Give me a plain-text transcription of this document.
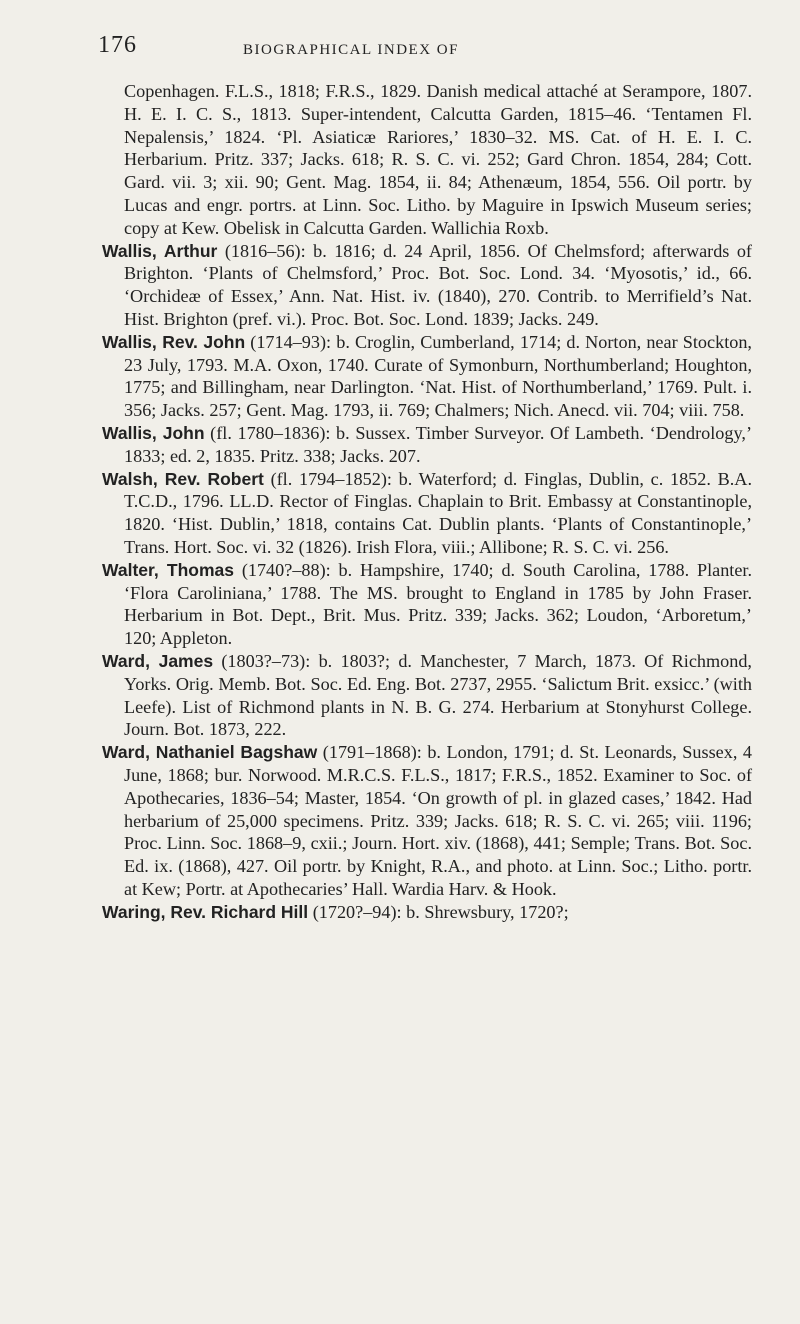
176	BIOGRAPHICAL INDEX OF

Copenhagen. F.L.S., 1818; F.R.S., 1829. Danish medical attaché at Serampore, 1807. H. E. I. C. S., 1813. Super-intendent, Calcutta Garden, 1815–46. ‘Tentamen Fl. Nepalensis,’ 1824. ‘Pl. Asiaticæ Rariores,’ 1830–32. MS. Cat. of H. E. I. C. Herbarium. Pritz. 337; Jacks. 618; R. S. C. vi. 252; Gard Chron. 1854, 284; Cott. Gard. vii. 3; xii. 90; Gent. Mag. 1854, ii. 84; Athenæum, 1854, 556. Oil portr. by Lucas and engr. portrs. at Linn. Soc. Litho. by Maguire in Ipswich Museum series; copy at Kew. Obelisk in Calcutta Garden. Wallichia Roxb.

Wallis, Arthur (1816–56): b. 1816; d. 24 April, 1856. Of Chelmsford; afterwards of Brighton. ‘Plants of Chelmsford,’ Proc. Bot. Soc. Lond. 34. ‘Myosotis,’ id., 66. ‘Orchideæ of Essex,’ Ann. Nat. Hist. iv. (1840), 270. Contrib. to Merrifield’s Nat. Hist. Brighton (pref. vi.). Proc. Bot. Soc. Lond. 1839; Jacks. 249.

Wallis, Rev. John (1714–93): b. Croglin, Cumberland, 1714; d. Norton, near Stockton, 23 July, 1793. M.A. Oxon, 1740. Curate of Symonburn, Northumberland; Houghton, 1775; and Billingham, near Darlington. ‘Nat. Hist. of Northumberland,’ 1769. Pult. i. 356; Jacks. 257; Gent. Mag. 1793, ii. 769; Chalmers; Nich. Anecd. vii. 704; viii. 758.

Wallis, John (fl. 1780–1836): b. Sussex. Timber Surveyor. Of Lambeth. ‘Dendrology,’ 1833; ed. 2, 1835. Pritz. 338; Jacks. 207.

Walsh, Rev. Robert (fl. 1794–1852): b. Waterford; d. Finglas, Dublin, c. 1852. B.A. T.C.D., 1796. LL.D. Rector of Finglas. Chaplain to Brit. Embassy at Constantinople, 1820. ‘Hist. Dublin,’ 1818, contains Cat. Dublin plants. ‘Plants of Constantinople,’ Trans. Hort. Soc. vi. 32 (1826). Irish Flora, viii.; Allibone; R. S. C. vi. 256.

Walter, Thomas (1740?–88): b. Hampshire, 1740; d. South Carolina, 1788. Planter. ‘Flora Caroliniana,’ 1788. The MS. brought to England in 1785 by John Fraser. Herbarium in Bot. Dept., Brit. Mus. Pritz. 339; Jacks. 362; Loudon, ‘Arboretum,’ 120; Appleton.

Ward, James (1803?–73): b. 1803?; d. Manchester, 7 March, 1873. Of Richmond, Yorks. Orig. Memb. Bot. Soc. Ed. Eng. Bot. 2737, 2955. ‘Salictum Brit. exsicc.’ (with Leefe). List of Richmond plants in N. B. G. 274. Herbarium at Stonyhurst College. Journ. Bot. 1873, 222.

Ward, Nathaniel Bagshaw (1791–1868): b. London, 1791; d. St. Leonards, Sussex, 4 June, 1868; bur. Norwood. M.R.C.S. F.L.S., 1817; F.R.S., 1852. Examiner to Soc. of Apothecaries, 1836–54; Master, 1854. ‘On growth of pl. in glazed cases,’ 1842. Had herbarium of 25,000 specimens. Pritz. 339; Jacks. 618; R. S. C. vi. 265; viii. 1196; Proc. Linn. Soc. 1868–9, cxii.; Journ. Hort. xiv. (1868), 441; Semple; Trans. Bot. Soc. Ed. ix. (1868), 427. Oil portr. by Knight, R.A., and photo. at Linn. Soc.; Litho. portr. at Kew; Portr. at Apothecaries’ Hall. Wardia Harv. & Hook.

Waring, Rev. Richard Hill (1720?–94): b. Shrewsbury, 1720?;
